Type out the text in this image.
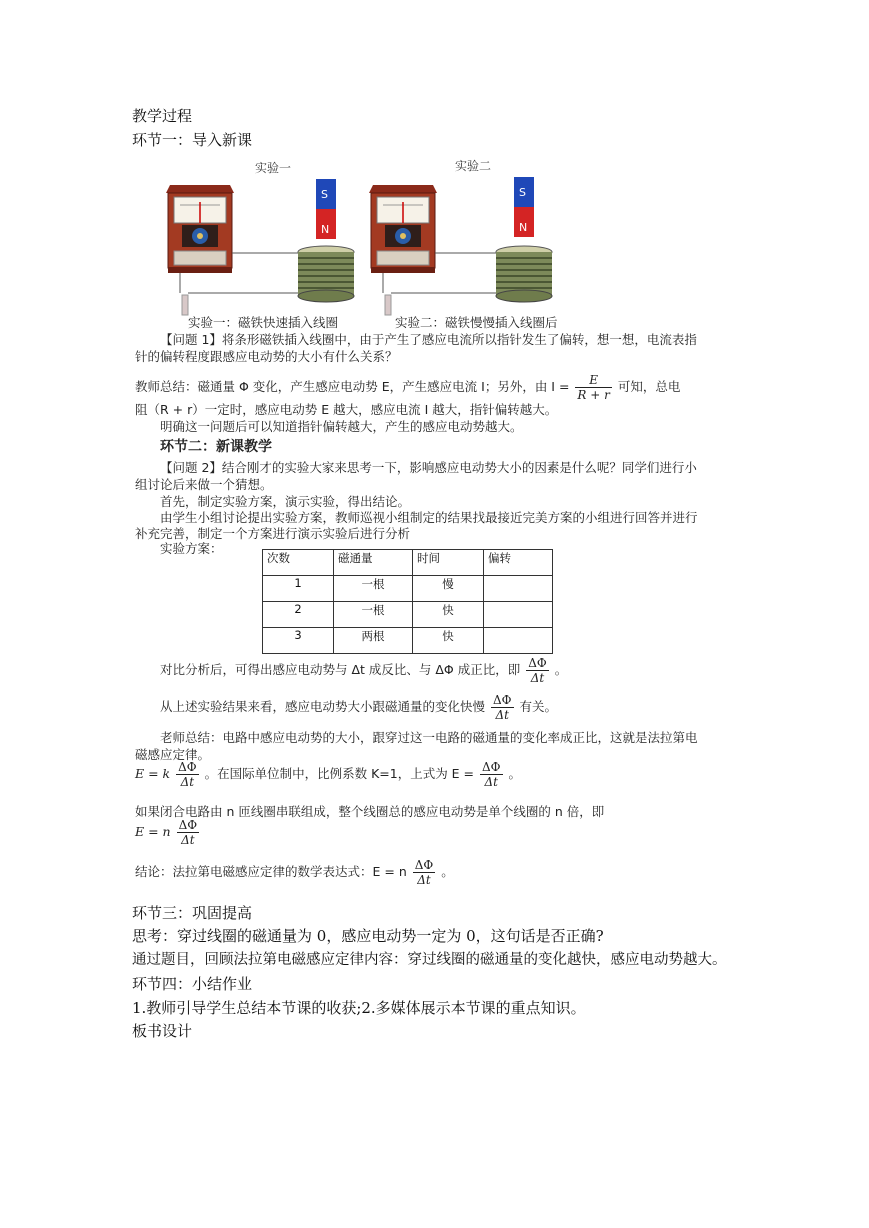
教学过程
环节一：导入新课
实验一
S
N
实验二
S
N
实验一：磁铁快速插入线圈	实验二：磁铁慢慢插入线圈后
【问题 1】将条形磁铁插入线圈中，由于产生了感应电流所以指针发生了偏转，想一想，电流表指
针的偏转程度跟感应电动势的大小有什么关系？
教师总结：磁通量 Φ 变化，产生感应电动势 E，产生感应电流 I；另外，由 $I = \frac{E}{R + r}$ 可知，总电
阻（R + r）一定时，感应电动势 E 越大，感应电流 I 越大，指针偏转越大。
明确这一问题后可以知道指针偏转越大，产生的感应电动势越大。
环节二：新课教学
【问题 2】结合刚才的实验大家来思考一下，影响感应电动势大小的因素是什么呢？同学们进行小
组讨论后来做一个猜想。
首先，制定实验方案，演示实验，得出结论。
由学生小组讨论提出实验方案，教师巡视小组制定的结果找最接近完美方案的小组进行回答并进行
补充完善，制定一个方案进行演示实验后进行分析
实验方案：
次数	磁通量	时间	偏转
1	一根	慢	
2	一根	快	
3	两根	快	
对比分析后，可得出感应电动势与 Δt 成反比、与 ΔΦ 成正比，即 $\frac{\Delta\Phi}{\Delta t}$ 。
从上述实验结果来看，感应电动势大小跟磁通量的变化快慢 $\frac{\Delta\Phi}{\Delta t}$ 有关。
老师总结：电路中感应电动势的大小，跟穿过这一电路的磁通量的变化率成正比，这就是法拉第电
磁感应定律。
E = k $\frac{\Delta\Phi}{\Delta t}$ 。在国际单位制中，比例系数 K=1，上式为 $E = \frac{\Delta\Phi}{\Delta t}$ 。
如果闭合电路由 n 匝线圈串联组成，整个线圈总的感应电动势是单个线圈的 n 倍，即
E = n $\frac{\Delta\Phi}{\Delta t}$
结论：法拉第电磁感应定律的数学表达式：E = n $\frac{\Delta\Phi}{\Delta t}$ 。
环节三：巩固提高
思考：穿过线圈的磁通量为 0，感应电动势一定为 0，这句话是否正确?
通过题目，回顾法拉第电磁感应定律内容：穿过线圈的磁通量的变化越快，感应电动势越大。
环节四：小结作业
1.教师引导学生总结本节课的收获;2.多媒体展示本节课的重点知识。
板书设计
